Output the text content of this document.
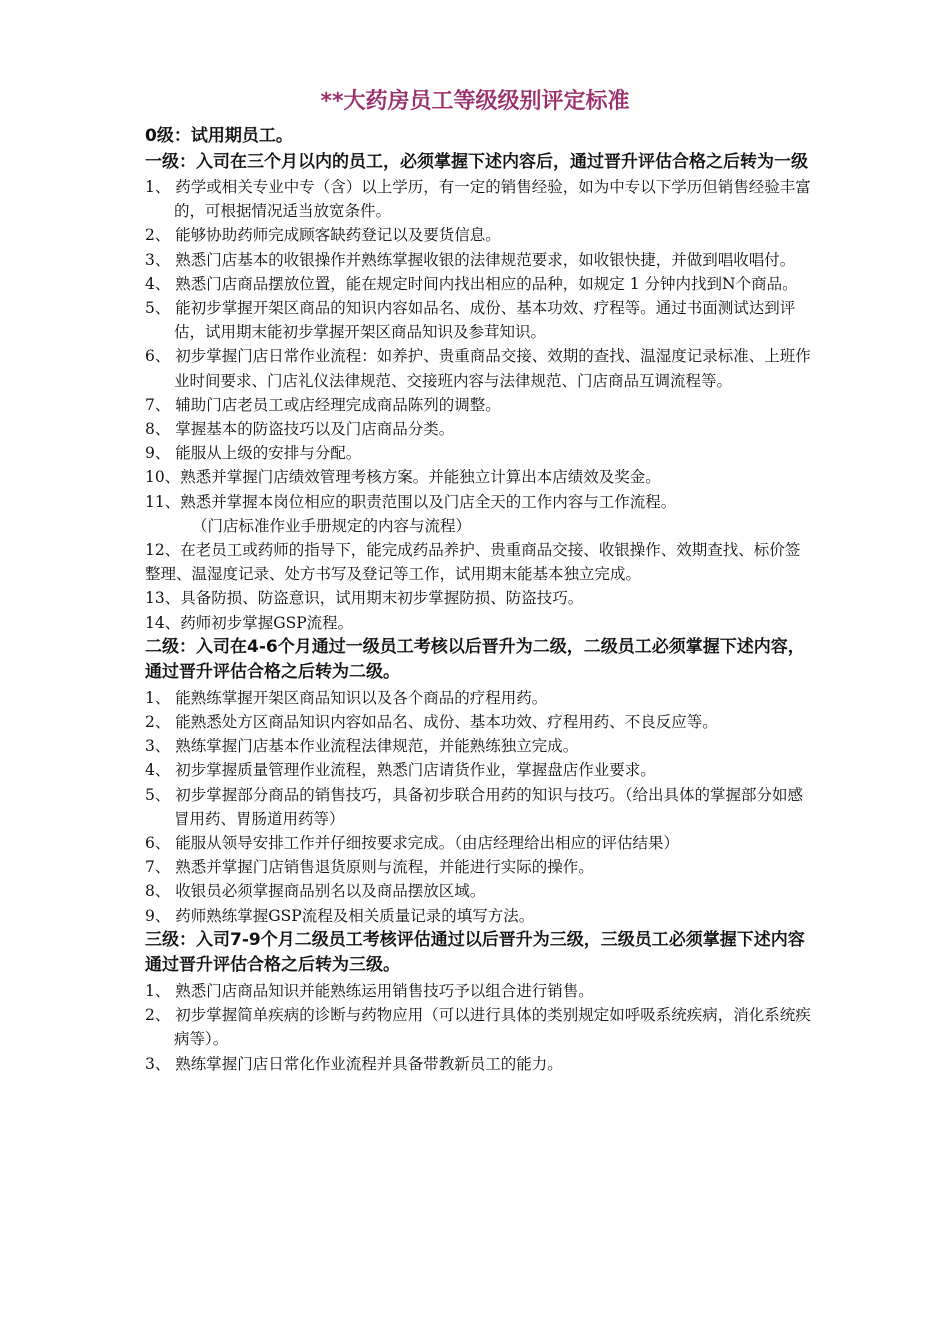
**大药房员工等级级别评定标准

0级：试用期员工。

一级：入司在三个月以内的员工，必须掌握下述内容后，通过晋升评估合格之后转为一级

1、 药学或相关专业中专（含）以上学历，有一定的销售经验，如为中专以下学历但销售经验丰富的，可根据情况适当放宽条件。

2、 能够协助药师完成顾客缺药登记以及要货信息。

3、 熟悉门店基本的收银操作并熟练掌握收银的法律规范要求，如收银快捷，并做到唱收唱付。

4、 熟悉门店商品摆放位置，能在规定时间内找出相应的品种，如规定 1 分钟内找到N个商品。

5、 能初步掌握开架区商品的知识内容如品名、成份、基本功效、疗程等。通过书面测试达到评估，试用期末能初步掌握开架区商品知识及参茸知识。

6、 初步掌握门店日常作业流程：如养护、贵重商品交接、效期的查找、温湿度记录标准、上班作业时间要求、门店礼仪法律规范、交接班内容与法律规范、门店商品互调流程等。

7、 辅助门店老员工或店经理完成商品陈列的调整。

8、 掌握基本的防盗技巧以及门店商品分类。

9、 能服从上级的安排与分配。

10、熟悉并掌握门店绩效管理考核方案。并能独立计算出本店绩效及奖金。

11、熟悉并掌握本岗位相应的职责范围以及门店全天的工作内容与工作流程。

（门店标准作业手册规定的内容与流程）

12、在老员工或药师的指导下，能完成药品养护、贵重商品交接、收银操作、效期查找、标价签整理、温湿度记录、处方书写及登记等工作，试用期末能基本独立完成。

13、具备防损、防盗意识，试用期末初步掌握防损、防盗技巧。

14、药师初步掌握GSP流程。

二级：入司在4-6个月通过一级员工考核以后晋升为二级，二级员工必须掌握下述内容，通过晋升评估合格之后转为二级。

1、 能熟练掌握开架区商品知识以及各个商品的疗程用药。

2、 能熟悉处方区商品知识内容如品名、成份、基本功效、疗程用药、不良反应等。

3、 熟练掌握门店基本作业流程法律规范，并能熟练独立完成。

4、 初步掌握质量管理作业流程，熟悉门店请货作业，掌握盘店作业要求。

5、 初步掌握部分商品的销售技巧，具备初步联合用药的知识与技巧。（给出具体的掌握部分如感冒用药、胃肠道用药等）

6、 能服从领导安排工作并仔细按要求完成。（由店经理给出相应的评估结果）

7、 熟悉并掌握门店销售退货原则与流程，并能进行实际的操作。

8、 收银员必须掌握商品别名以及商品摆放区域。

9、 药师熟练掌握GSP流程及相关质量记录的填写方法。

三级：入司7-9个月二级员工考核评估通过以后晋升为三级，三级员工必须掌握下述内容通过晋升评估合格之后转为三级。

1、 熟悉门店商品知识并能熟练运用销售技巧予以组合进行销售。

2、 初步掌握简单疾病的诊断与药物应用（可以进行具体的类别规定如呼吸系统疾病，消化系统疾病等）。

3、 熟练掌握门店日常化作业流程并具备带教新员工的能力。
